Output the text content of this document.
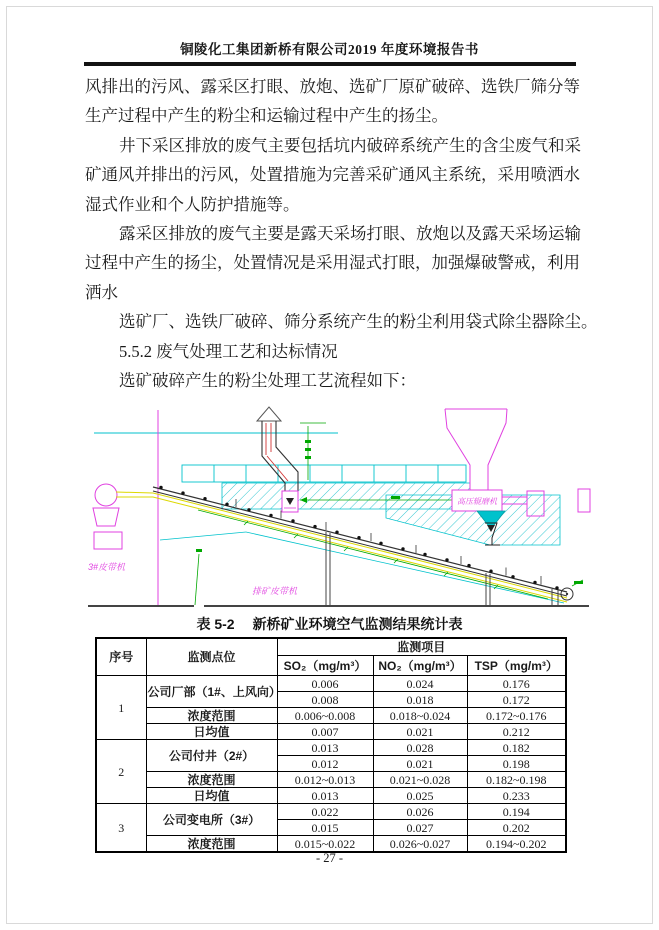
铜陵化工集团新桥有限公司2019 年度环境报告书
风排出的污风、露采区打眼、放炮、选矿厂原矿破碎、选铁厂筛分等
生产过程中产生的粉尘和运输过程中产生的扬尘。
井下采区排放的废气主要包括坑内破碎系统产生的含尘废气和采
矿通风并排出的污风，处置措施为完善采矿通风主系统，采用喷洒水
湿式作业和个人防护措施等。
露采区排放的废气主要是露天采场打眼、放炮以及露天采场运输
过程中产生的扬尘，处置情况是采用湿式打眼，加强爆破警戒，利用
洒水
选矿厂、选铁厂破碎、筛分系统产生的粉尘利用袋式除尘器除尘。
5.5.2 废气处理工艺和达标情况
选矿破碎产生的粉尘处理工艺流程如下：
高压辊磨机
3#皮带机
排矿皮带机
表 5-2 新桥矿业环境空气监测结果统计表
序号	监测点位	监测项目		
		SO₂（mg/m³）	NO₂（mg/m³）	TSP（mg/m³）
1	公司厂部（1#、上风向）	0.006	0.024	0.176
		0.008	0.018	0.172
	浓度范围	0.006~0.008	0.018~0.024	0.172~0.176
	日均值	0.007	0.021	0.212
2	公司付井（2#）	0.013	0.028	0.182
		0.012	0.021	0.198
	浓度范围	0.012~0.013	0.021~0.028	0.182~0.198
	日均值	0.013	0.025	0.233
3	公司变电所（3#）	0.022	0.026	0.194
		0.015	0.027	0.202
	浓度范围	0.015~0.022	0.026~0.027	0.194~0.202
- 27 -
